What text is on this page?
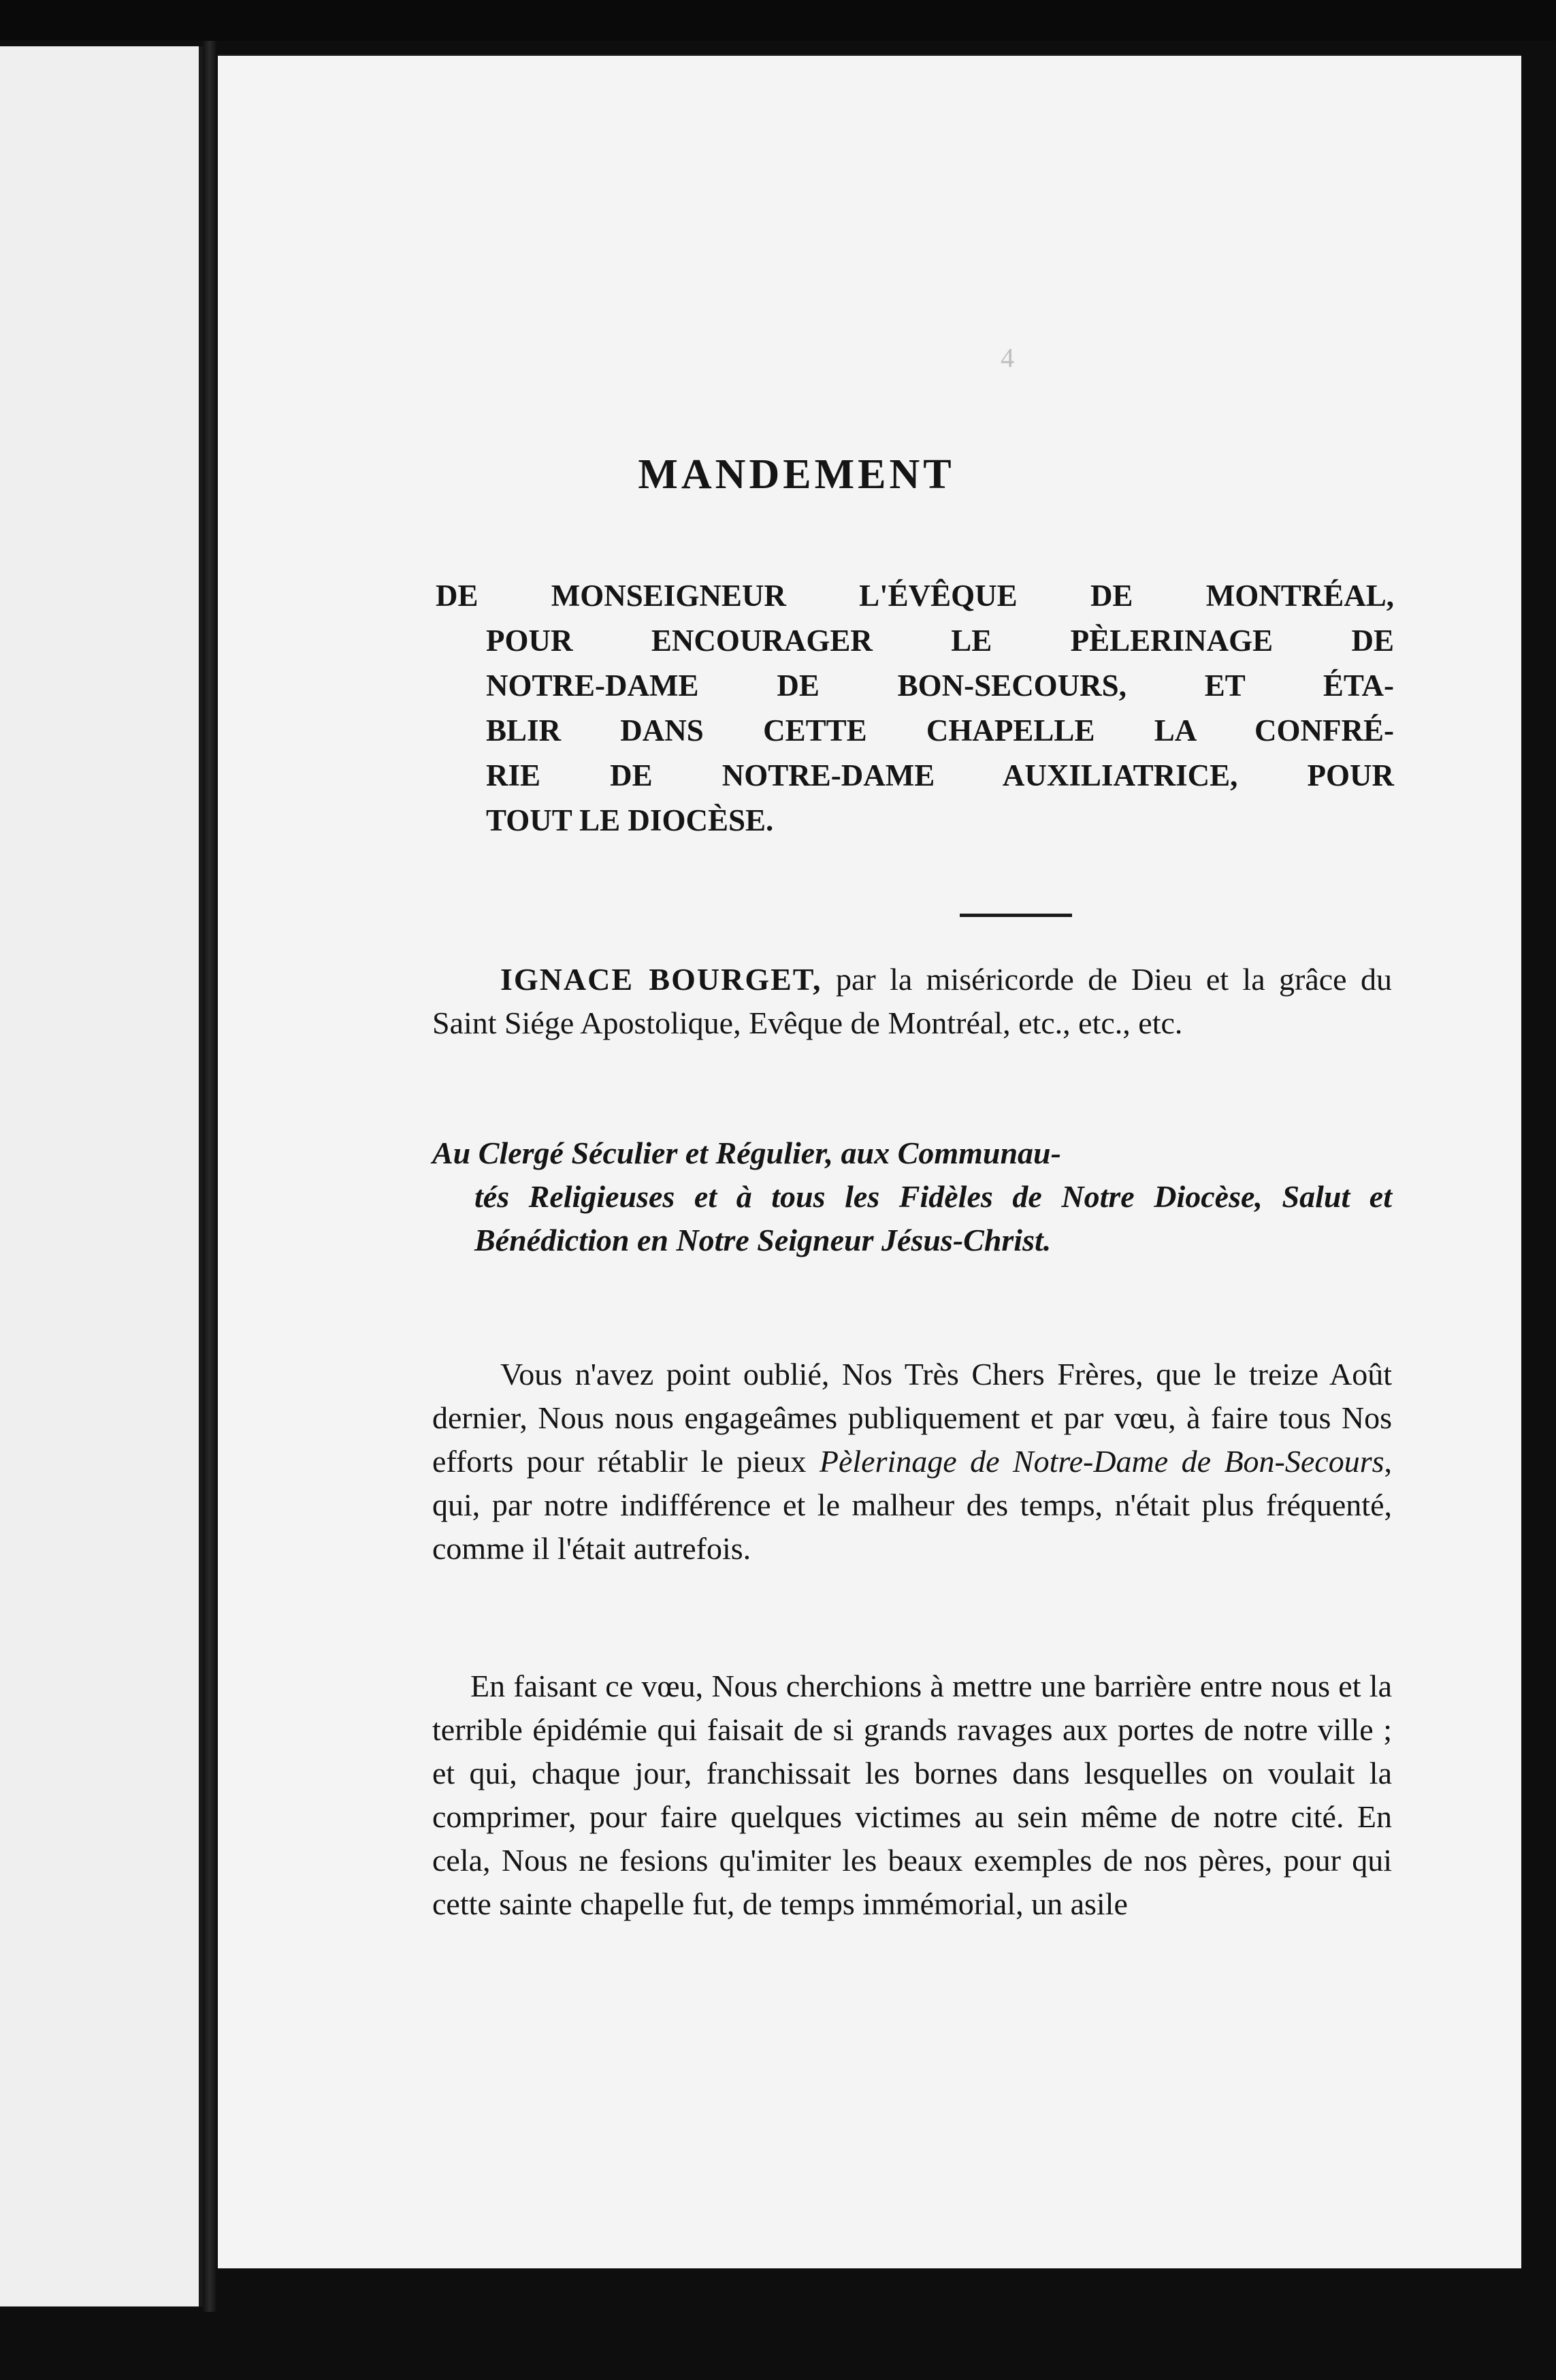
4
MANDEMENT
DE MONSEIGNEUR L'ÉVÊQUE DE MONTRÉAL,
POUR ENCOURAGER LE PÈLERINAGE DE
NOTRE-DAME DE BON-SECOURS, ET ÉTA-
BLIR DANS CETTE CHAPELLE LA CONFRÉ-
RIE DE NOTRE-DAME AUXILIATRICE, POUR
TOUT LE DIOCÈSE.
IGNACE BOURGET, par la miséricorde de Dieu et la grâce du Saint Siége Apostolique, Evêque de Montréal, etc., etc., etc.
Au Clergé Séculier et Régulier, aux Communau-
tés Religieuses et à tous les Fidèles de Notre Diocèse, Salut et Bénédiction en Notre Seigneur Jésus-Christ.
Vous n'avez point oublié, Nos Très Chers Frères, que le treize Août dernier, Nous nous engageâmes publiquement et par vœu, à faire tous Nos efforts pour rétablir le pieux Pèlerinage de Notre-Dame de Bon-Secours, qui, par notre indifférence et le malheur des temps, n'était plus fréquenté, comme il l'était autrefois.
En faisant ce vœu, Nous cherchions à mettre une barrière entre nous et la terrible épidémie qui faisait de si grands ravages aux portes de notre ville ; et qui, chaque jour, franchissait les bornes dans lesquelles on voulait la comprimer, pour faire quelques victimes au sein même de notre cité. En cela, Nous ne fesions qu'imiter les beaux exemples de nos pères, pour qui cette sainte chapelle fut, de temps immémorial, un asile
